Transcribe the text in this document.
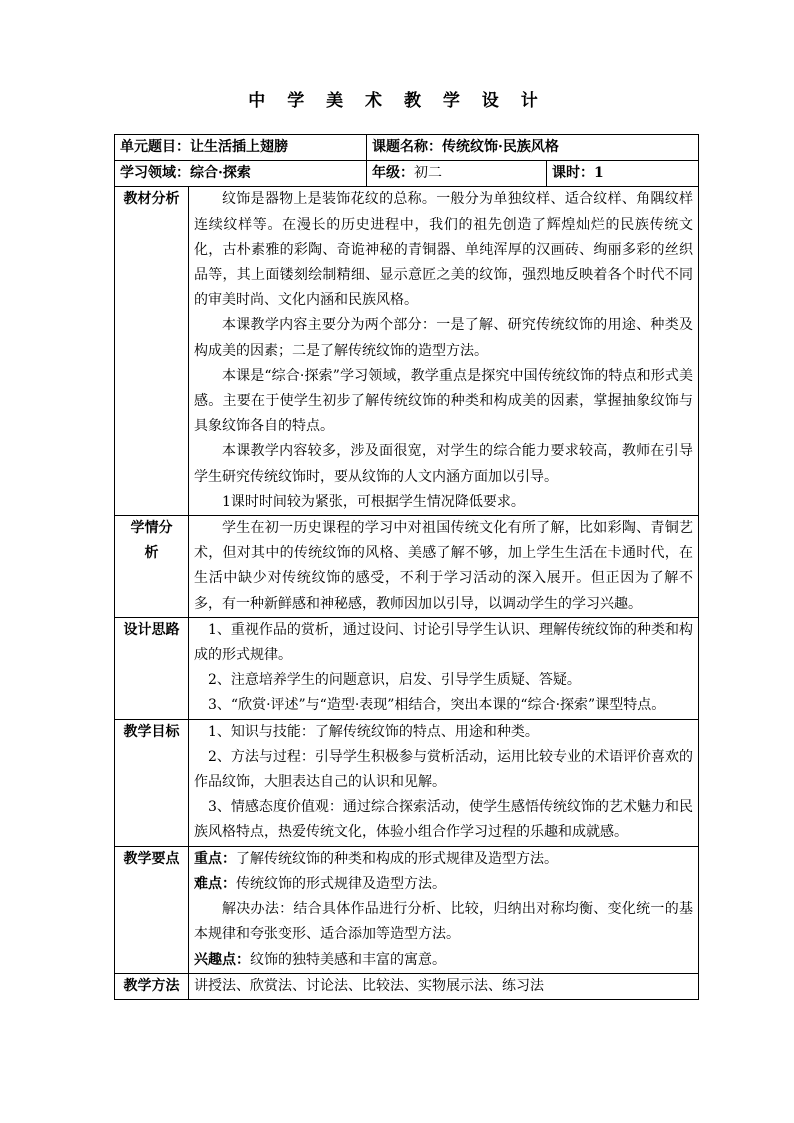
中 学 美 术 教 学 设 计
单元题目：让生活插上翅膀		课题名称：传统纹饰·民族风格	
学习领域：综合·探索		年级：初二	课时：1
教材分析	纹饰是器物上是装饰花纹的总称。一般分为单独纹样、适合纹样、角隅纹样连续纹样等。在漫长的历史进程中，我们的祖先创造了辉煌灿烂的民族传统文化，古朴素雅的彩陶、奇诡神秘的青铜器、单纯浑厚的汉画砖、绚丽多彩的丝织品等，其上面镂刻绘制精细、显示意匠之美的纹饰，强烈地反映着各个时代不同的审美时尚、文化内涵和民族风格。

本课教学内容主要分为两个部分：一是了解、研究传统纹饰的用途、种类及构成美的因素；二是了解传统纹饰的造型方法。

本课是“综合·探索”学习领域，教学重点是探究中国传统纹饰的特点和形式美感。主要在于使学生初步了解传统纹饰的种类和构成美的因素，掌握抽象纹饰与具象纹饰各自的特点。

本课教学内容较多，涉及面很宽，对学生的综合能力要求较高，教师在引导学生研究传统纹饰时，要从纹饰的人文内涵方面加以引导。

1课时时间较为紧张，可根据学生情况降低要求。		

学情分
析	学生在初一历史课程的学习中对祖国传统文化有所了解，比如彩陶、青铜艺术，但对其中的传统纹饰的风格、美感了解不够，加上学生生活在卡通时代，在生活中缺少对传统纹饰的感受，不利于学习活动的深入展开。但正因为了解不多，有一种新鲜感和神秘感，教师因加以引导，以调动学生的学习兴趣。		

设计思路	1、重视作品的赏析，通过设问、讨论引导学生认识、理解传统纹饰的种类和构成的形式规律。

2、注意培养学生的问题意识，启发、引导学生质疑、答疑。

3、“欣赏·评述”与“造型·表现”相结合，突出本课的“综合·探索”课型特点。		

教学目标	1、知识与技能：了解传统纹饰的特点、用途和种类。

2、方法与过程：引导学生积极参与赏析活动，运用比较专业的术语评价喜欢的作品纹饰，大胆表达自己的认识和见解。

3、情感态度价值观：通过综合探索活动，使学生感悟传统纹饰的艺术魅力和民族风格特点，热爱传统文化，体验小组合作学习过程的乐趣和成就感。		

教学要点	重点：了解传统纹饰的种类和构成的形式规律及造型方法。

难点：传统纹饰的形式规律及造型方法。

解决办法：结合具体作品进行分析、比较，归纳出对称均衡、变化统一的基本规律和夸张变形、适合添加等造型方法。

兴趣点：纹饰的独特美感和丰富的寓意。		

教学方法	讲授法、欣赏法、讨论法、比较法、实物展示法、练习法		
